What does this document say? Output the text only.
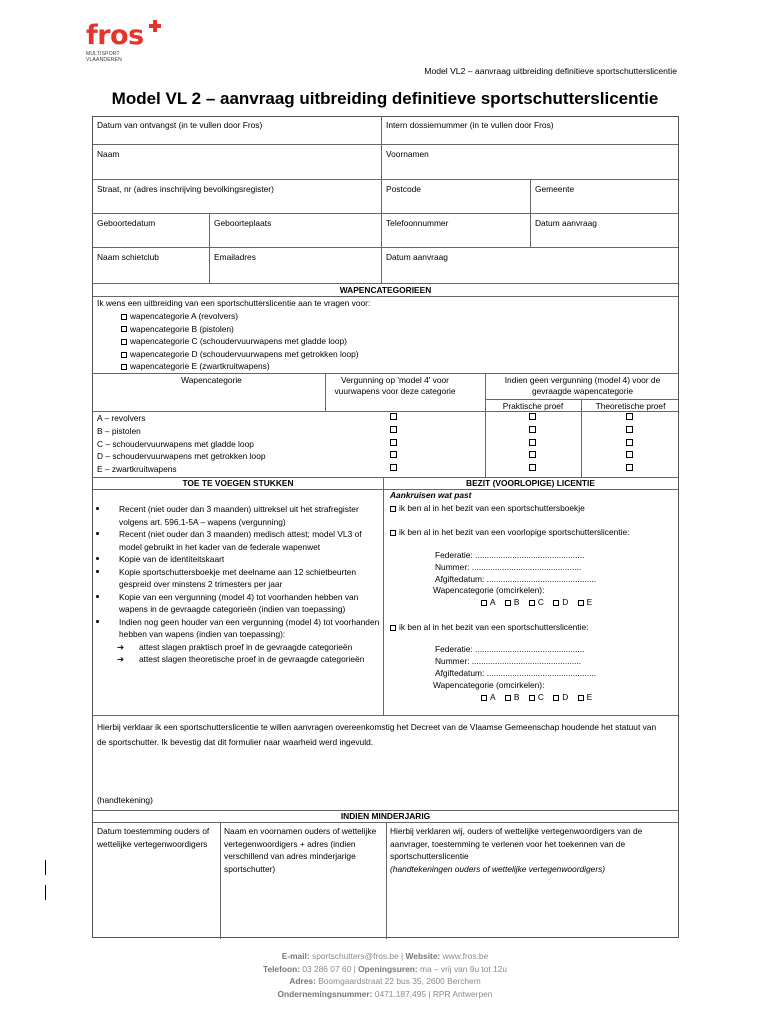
fros
MULTISPORT
VLAANDEREN
Model VL2 – aanvraag uitbreiding definitieve sportschutterslicentie
Model VL 2 – aanvraag uitbreiding definitieve sportschutterslicentie
Datum van ontvangst (in te vullen door Fros)	Intern dossiernummer (in te vullen door Fros)
Naam	Voornamen
Straat, nr (adres inschrijving bevolkingsregister)	Postcode	Gemeente
Geboortedatum	Geboorteplaats	Telefoonnummer	Datum aanvraag
Naam schietclub	Emailadres	Datum aanvraag
WAPENCATEGORIEEN
Ik wens een uitbreiding van een sportschutterslicentie aan te vragen voor:
wapencategorie A (revolvers)
wapencategorie B (pistolen)
wapencategorie C (schoudervuurwapens met gladde loop)
wapencategorie D (schoudervuurwapens met getrokken loop)
wapencategorie E (zwartkruitwapens)
Wapencategorie	Vergunning op 'model 4' voor vuurwapens voor deze categorie
Indien geen vergunning (model 4) voor de gevraagde wapencategorie
Praktische proef	Theoretische proef
A – revolvers
B – pistolen
C – schoudervuurwapens met gladde loop
D – schoudervuurwapens met getrokken loop
E – zwartkruitwapens
TOE TE VOEGEN STUKKEN	BEZIT (VOORLOPIGE) LICENTIE
Recent (niet ouder dan 3 maanden) uittreksel uit het strafregister volgens art. 596.1-5A – wapens (vergunning)
Recent (niet ouder dan 3 maanden) medisch attest; model VL3 of model gebruikt in het kader van de federale wapenwet
Kopie van de identiteitskaart
Kopie sportschuttersboekje met deelname aan 12 schietbeurten gespreid over minstens 2 trimesters per jaar
Kopie van een vergunning (model 4) tot voorhanden hebben van wapens in de gevraagde categorieën (indien van toepassing)
Indien nog geen houder van een vergunning (model 4) tot voorhanden hebben van wapens (indien van toepassing):
➔ attest slagen praktisch proef in de gevraagde categorieën
➔ attest slagen theoretische proef in de gevraagde categorieën
Aankruisen wat past
ik ben al in het bezit van een sportschuttersboekje
ik ben al in het bezit van een voorlopige sportschutterslicentie:
Federatie: ...............................................
Nummer: ...............................................
Afgiftedatum: ...............................................
Wapencategorie (omcirkelen):
A B C D E
ik ben al in het bezit van een sportschutterslicentie:
Federatie: ...............................................
Nummer: ...............................................
Afgiftedatum: ...............................................
Wapencategorie (omcirkelen):
A B C D E
Hierbij verklaar ik een sportschutterslicentie te willen aanvragen overeenkomstig het Decreet van de Vlaamse Gemeenschap houdende het statuut van de sportschutter. Ik bevestig dat dit formulier naar waarheid werd ingevuld.
(handtekening)
INDIEN MINDERJARIG
Datum toestemming ouders of wettelijke vertegenwoordigers
Naam en voornamen ouders of wettelijke vertegenwoordigers + adres (indien verschillend van adres minderjarige sportschutter)
Hierbij verklaren wij, ouders of wettelijke vertegenwoordigers van de aanvrager, toestemming te verlenen voor het toekennen van de sportschutterslicentie
(handtekeningen ouders of wettelijke vertegenwoordigers)
E-mail: sportschutters@fros.be | Website: www.fros.be
Telefoon: 03 286 07 60 | Openingsuren: ma – vrij van 9u tot 12u
Adres: Boomgaardstraat 22 bus 35, 2600 Berchem
Ondernemingsnummer: 0471.187.495 | RPR Antwerpen
